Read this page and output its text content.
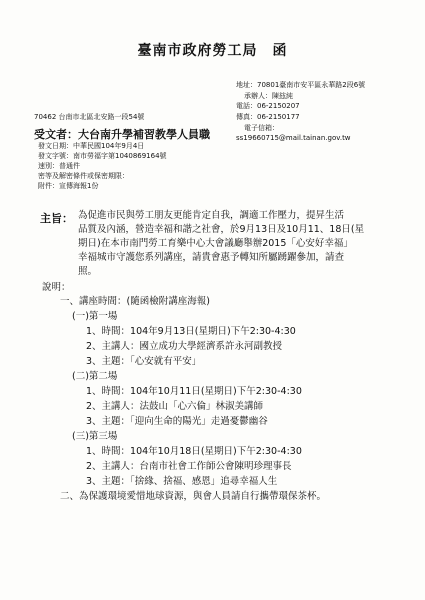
臺南市政府勞工局　函
地址：70801臺南市安平區永華路2段6號
承辦人：陳玆純
電話：06-2150207
傳真：06-2150177
電子信箱：
ss19660715@mail.tainan.gov.tw
70462 台南市北區北安路一段54號
受文者：大台南升學補習教學人員職
發文日期：中華民國104年9月4日
發文字號：南市勞福字第1040869164號
速別：普通件
密等及解密條件或保密期限：
附件：宣傳海報1份
主旨： 為促進市民與勞工朋友更能肯定自我，調適工作壓力，提昇生活
品質及內涵，營造幸福和諧之社會，於9月13日及10月11、18日(星
期日)在本市南門勞工育樂中心大會議廳舉辦2015「心安好幸福」
幸福城市守護您系列講座，請貴會惠予轉知所屬踴躍參加，請查
照。
說明：
一、講座時間：(隨函檢附講座海報)
(一)第一場
1、時間：104年9月13日(星期日)下午2:30-4:30
2、主講人：國立成功大學經濟系許永河副教授
3、主題：「心安就有平安」
(二)第二場
1、時間：104年10月11日(星期日)下午2:30-4:30
2、主講人：法鼓山「心六倫」林淑美講師
3、主題：「迎向生命的陽光」走過憂鬱幽谷
(三)第三場
1、時間：104年10月18日(星期日)下午2:30-4:30
2、主講人：台南市社會工作師公會陳明珍理事長
3、主題：「捨緣、捨福、感恩」追尋幸福人生
二、為保護環境愛惜地球資源，與會人員請自行攜帶環保茶杯。
